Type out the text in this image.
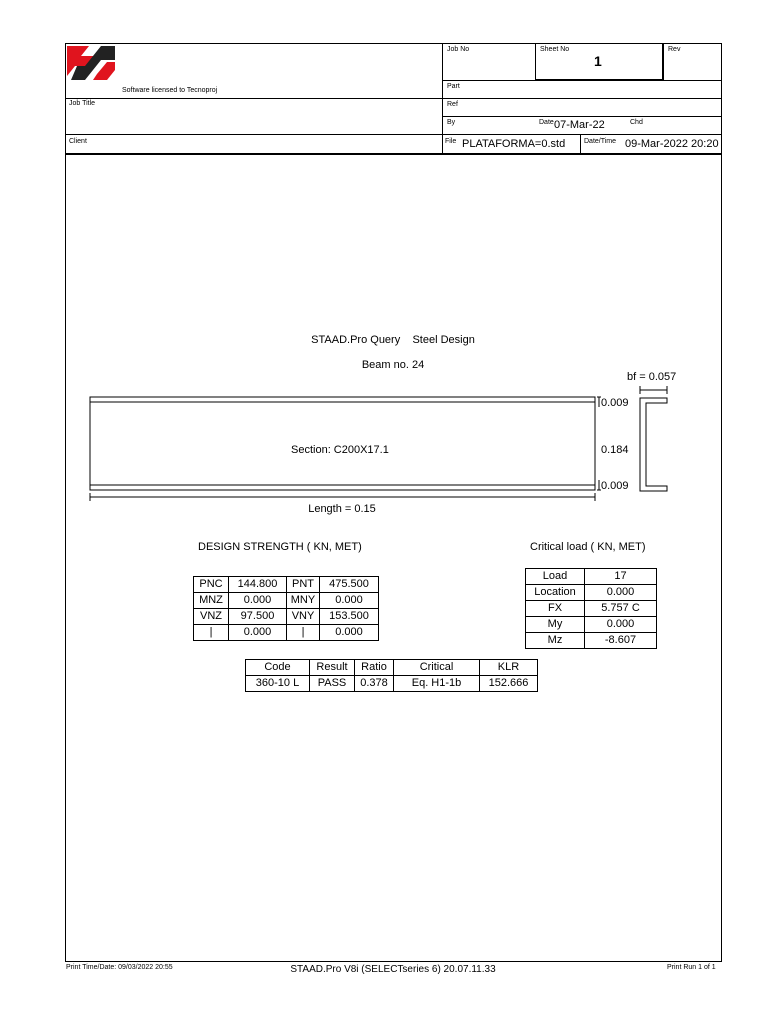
Software licensed to Tecnoproj
Job No	Sheet No
1
Rev
Part
Job Title	Ref
By	Date 07-Mar-22	Chd
Client	File PLATAFORMA=0.std	Date/Time 09-Mar-2022 20:20
STAAD.Pro Query    Steel Design
Beam no. 24
bf = 0.057
0.009
Section: C200X17.1	0.184
0.009
Length = 0.15
DESIGN STRENGTH ( KN, MET)
PNC	144.800	PNT	475.500
MNZ	0.000	MNY	0.000
VNZ	97.500	VNY	153.500
|	0.000	|	0.000
Critical load ( KN, MET)
Load	17
Location	0.000
FX	5.757 C
My	0.000
Mz	-8.607
Code	Result	Ratio	Critical	KLR
360-10 L	PASS	0.378	Eq. H1-1b	152.666
Print Time/Date: 09/03/2022 20:55	STAAD.Pro V8i (SELECTseries 6) 20.07.11.33	Print Run 1 of 1
